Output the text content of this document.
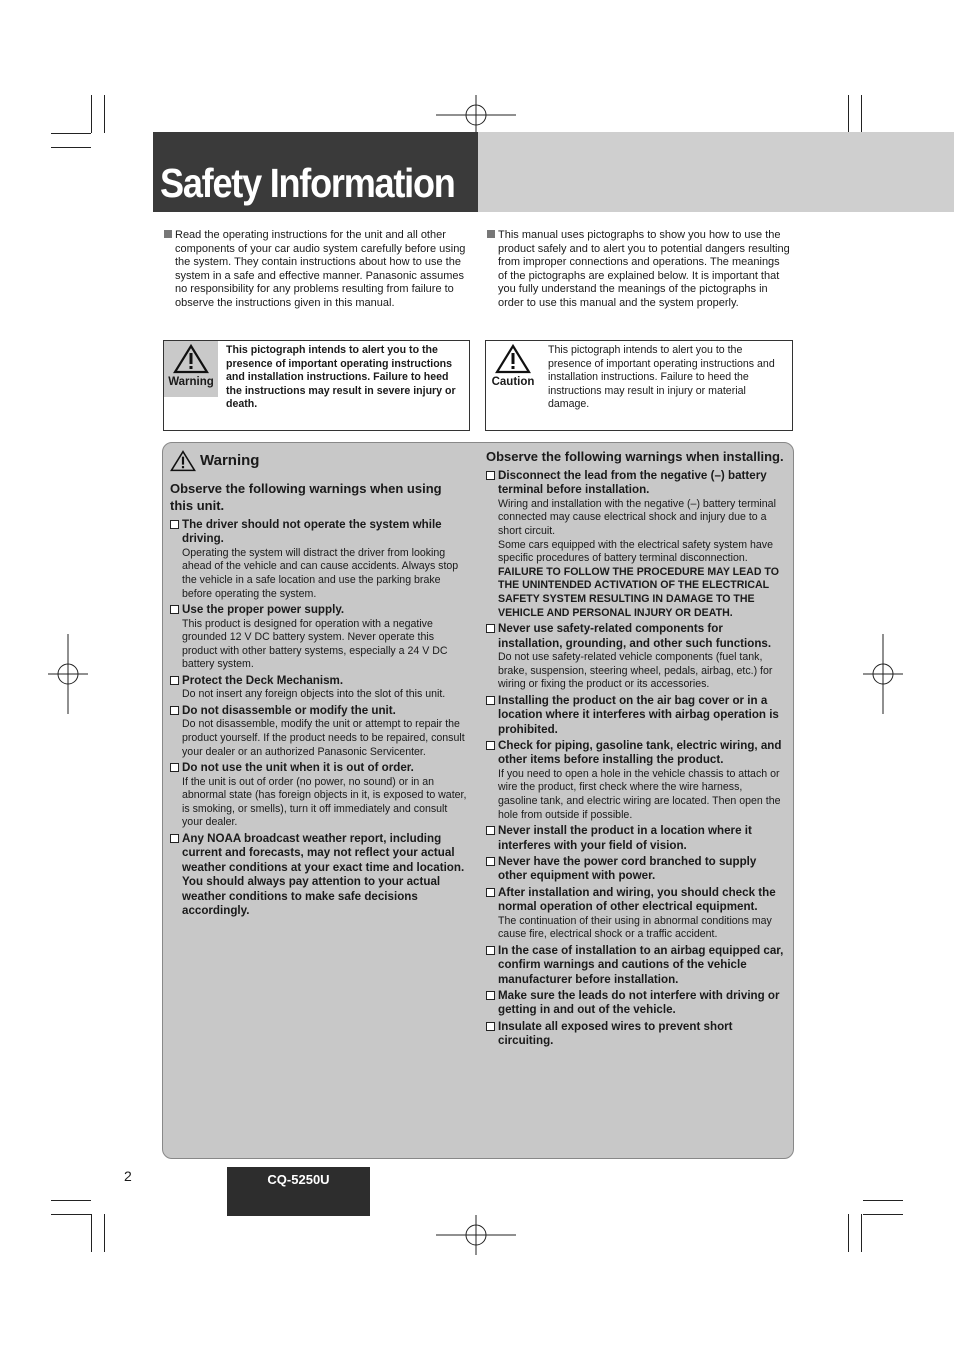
Safety Information
Read the operating instructions for the unit and all other components of your car audio system carefully before using the system. They contain instructions about how to use the system in a safe and effective manner. Panasonic assumes no responsibility for any problems resulting from failure to observe the instructions given in this manual.
This manual uses pictographs to show you how to use the product safely and to alert you to potential dangers resulting from improper connections and operations. The meanings of the pictographs are explained below. It is important that you fully understand the meanings of the pictographs in order to use this manual and the system properly.
Warning
This pictograph intends to alert you to the presence of important operating instructions and installation instructions. Failure to heed the instructions may result in severe injury or death.
Caution
This pictograph intends to alert you to the presence of important operating instructions and installation instructions. Failure to heed the instructions may result in injury or material damage.
Warning
Observe the following warnings when using this unit.
The driver should not operate the system while driving.
Operating the system will distract the driver from looking ahead of the vehicle and can cause accidents. Always stop the vehicle in a safe location and use the parking brake before operating the system.
Use the proper power supply.
This product is designed for operation with a negative grounded 12 V DC battery system. Never operate this product with other battery systems, especially a 24 V DC battery system.
Protect the Deck Mechanism.
Do not insert any foreign objects into the slot of this unit.
Do not disassemble or modify the unit.
Do not disassemble, modify the unit or attempt to repair the product yourself. If the product needs to be repaired, consult your dealer or an authorized Panasonic Servicenter.
Do not use the unit when it is out of order.
If the unit is out of order (no power, no sound) or in an abnormal state (has foreign objects in it, is exposed to water, is smoking, or smells), turn it off immediately and consult your dealer.
Any NOAA broadcast weather report, including current and forecasts, may not reflect your actual weather conditions at your exact time and location. You should always pay attention to your actual weather conditions to make safe decisions accordingly.
Observe the following warnings when installing.
Disconnect the lead from the negative (–) battery terminal before installation.
Wiring and installation with the negative (–) battery terminal connected may cause electrical shock and injury due to a short circuit.
Some cars equipped with the electrical safety system have specific procedures of battery terminal disconnection.
FAILURE TO FOLLOW THE PROCEDURE MAY LEAD TO THE UNINTENDED ACTIVATION OF THE ELECTRICAL SAFETY SYSTEM RESULTING IN DAMAGE TO THE VEHICLE AND PERSONAL INJURY OR DEATH.
Never use safety-related components for installation, grounding, and other such functions.
Do not use safety-related vehicle components (fuel tank, brake, suspension, steering wheel, pedals, airbag, etc.) for wiring or fixing the product or its accessories.
Installing the product on the air bag cover or in a location where it interferes with airbag operation is prohibited.
Check for piping, gasoline tank, electric wiring, and other items before installing the product.
If you need to open a hole in the vehicle chassis to attach or wire the product, first check where the wire harness, gasoline tank, and electric wiring are located. Then open the hole from outside if possible.
Never install the product in a location where it interferes with your field of vision.
Never have the power cord branched to supply other equipment with power.
After installation and wiring, you should check the normal operation of other electrical equipment.
The continuation of their using in abnormal conditions may cause fire, electrical shock or a traffic accident.
In the case of installation to an airbag equipped car, confirm warnings and cautions of the vehicle manufacturer before installation.
Make sure the leads do not interfere with driving or getting in and out of the vehicle.
Insulate all exposed wires to prevent short circuiting.
2	CQ-5250U
